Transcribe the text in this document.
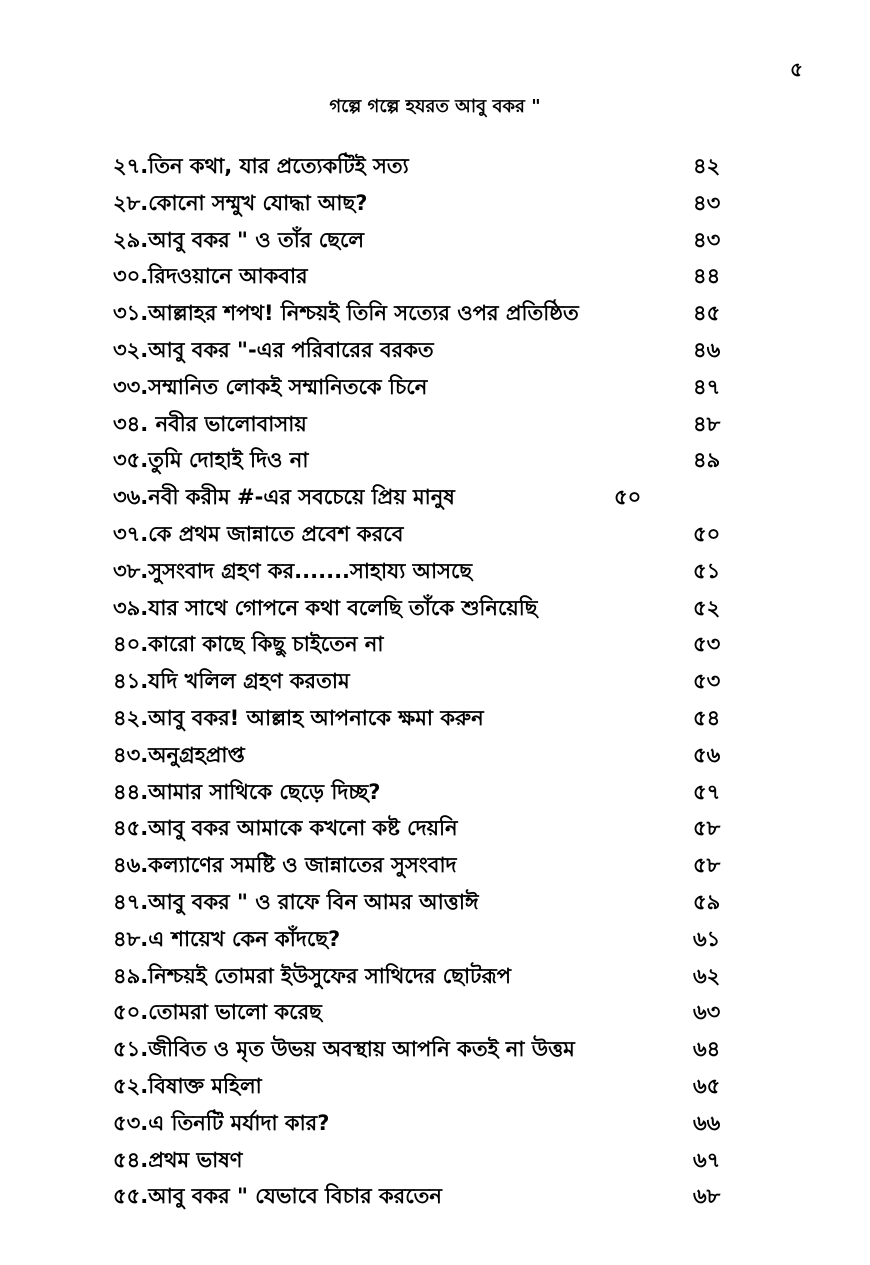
৫
গল্পে গল্পে হযরত আবু বকর "
২৭.তিন কথা, যার প্রত্যেকটিই সত্য	৪২
২৮.কোনো সম্মুখ যোদ্ধা আছ?	৪৩
২৯.আবু বকর " ও তাঁর ছেলে	৪৩
৩০.রিদওয়ানে আকবার	৪৪
৩১.আল্লাহর শপথ! নিশ্চয়ই তিনি সত্যের ওপর প্রতিষ্ঠিত	৪৫
৩২.আবু বকর "-এর পরিবারের বরকত	৪৬
৩৩.সম্মানিত লোকই সম্মানিতকে চিনে	৪৭
৩৪. নবীর ভালোবাসায়	৪৮
৩৫.তুমি দোহাই দিও না	৪৯
৩৬.নবী করীম #-এর সবচেয়ে প্রিয় মানুষ	৫০
৩৭.কে প্রথম জান্নাতে প্রবেশ করবে	৫০
৩৮.সুসংবাদ গ্রহণ কর.......সাহায্য আসছে	৫১
৩৯.যার সাথে গোপনে কথা বলেছি তাঁকে শুনিয়েছি	৫২
৪০.কারো কাছে কিছু চাইতেন না	৫৩
৪১.যদি খলিল গ্রহণ করতাম	৫৩
৪২.আবু বকর! আল্লাহ আপনাকে ক্ষমা করুন	৫৪
৪৩.অনুগ্রহপ্রাপ্ত	৫৬
৪৪.আমার সাথিকে ছেড়ে দিচ্ছ?	৫৭
৪৫.আবু বকর আমাকে কখনো কষ্ট দেয়নি	৫৮
৪৬.কল্যাণের সমষ্টি ও জান্নাতের সুসংবাদ	৫৮
৪৭.আবু বকর " ও রাফে বিন আমর আত্তাঈ	৫৯
৪৮.এ শায়েখ কেন কাঁদছে?	৬১
৪৯.নিশ্চয়ই তোমরা ইউসুফের সাথিদের ছোটরূপ	৬২
৫০.তোমরা ভালো করেছ	৬৩
৫১.জীবিত ও মৃত উভয় অবস্থায় আপনি কতই না উত্তম	৬৪
৫২.বিষাক্ত মহিলা	৬৫
৫৩.এ তিনটি মর্যাদা কার?	৬৬
৫৪.প্রথম ভাষণ	৬৭
৫৫.আবু বকর " যেভাবে বিচার করতেন	৬৮
